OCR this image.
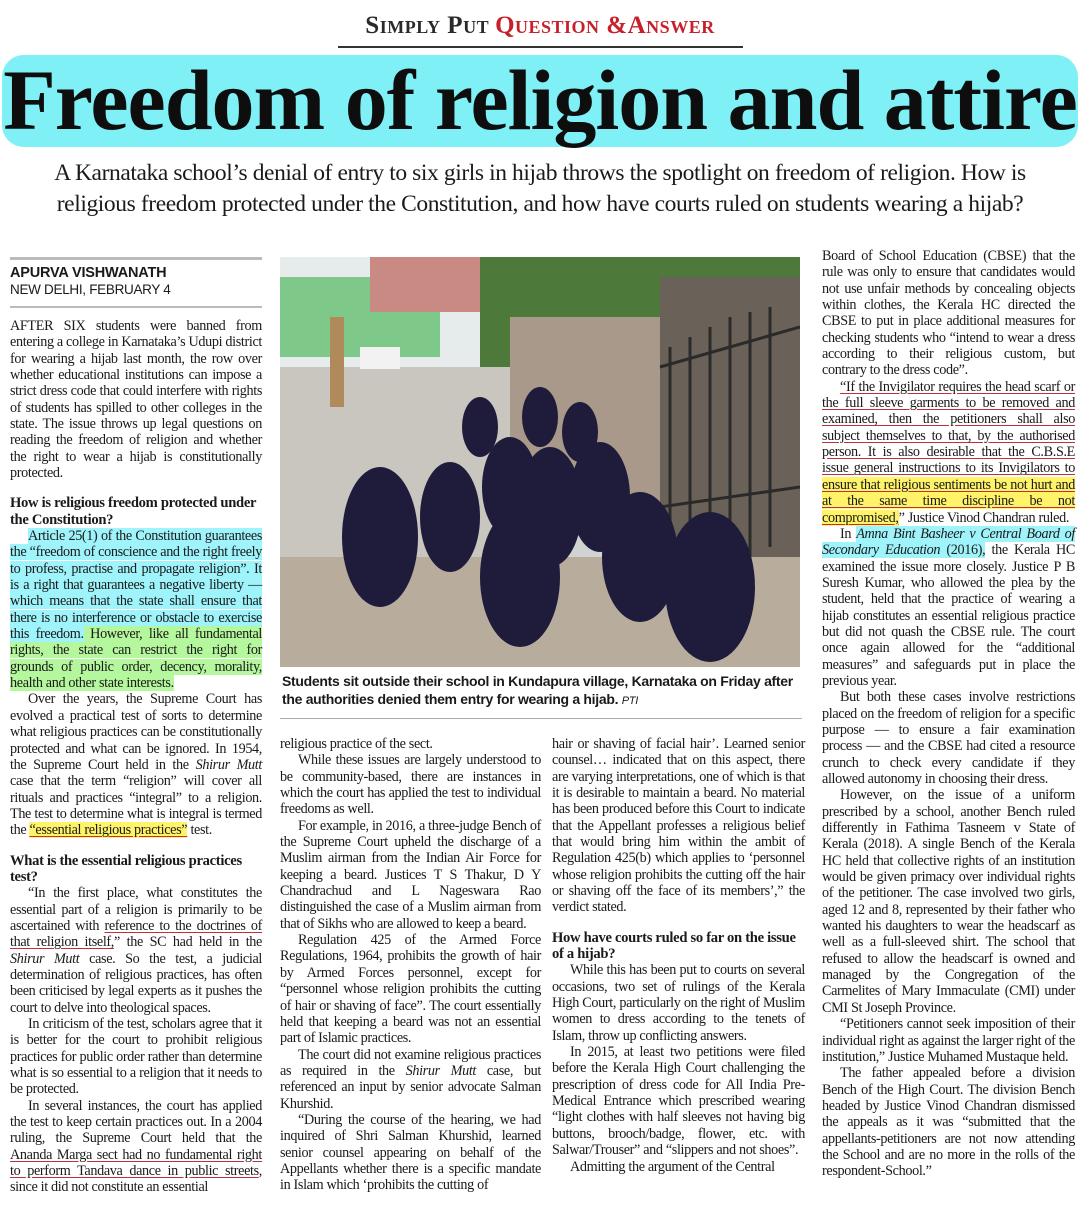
Simply Put Question &Answer
Freedom of religion and attire
A Karnataka school’s denial of entry to six girls in hijab throws the spotlight on freedom of religion. How is religious freedom protected under the Constitution, and how have courts ruled on students wearing a hijab?
APURVA VISHWANATH
NEW DELHI, FEBRUARY 4
Students sit outside their school in Kundapura village, Karnataka on Friday after the authorities denied them entry for wearing a hijab. PTI

AFTER SIX students were banned from entering a college in Karnataka’s Udupi district for wearing a hijab last month, the row over whether educational institutions can impose a strict dress code that could interfere with rights of students has spilled to other colleges in the state. The issue throws up legal questions on reading the freedom of religion and whether the right to wear a hijab is constitutionally protected.

How is religious freedom protected under the Constitution?

Article 25(1) of the Constitution guarantees the “freedom of conscience and the right freely to profess, practise and propagate religion”. It is a right that guarantees a negative liberty — which means that the state shall ensure that there is no interference or obstacle to exercise this freedom. However, like all fundamental rights, the state can restrict the right for grounds of public order, decency, morality, health and other state interests.

Over the years, the Supreme Court has evolved a practical test of sorts to determine what religious practices can be constitutionally protected and what can be ignored. In 1954, the Supreme Court held in the Shirur Mutt case that the term “religion” will cover all rituals and practices “integral” to a religion. The test to determine what is integral is termed the “essential religious practices” test.

What is the essential religious practices test?

“In the first place, what constitutes the essential part of a religion is primarily to be ascertained with reference to the doctrines of that religion itself,” the SC had held in the Shirur Mutt case. So the test, a judicial determination of religious practices, has often been criticised by legal experts as it pushes the court to delve into theological spaces.

In criticism of the test, scholars agree that it is better for the court to prohibit religious practices for public order rather than determine what is so essential to a religion that it needs to be protected.

In several instances, the court has applied the test to keep certain practices out. In a 2004 ruling, the Supreme Court held that the Ananda Marga sect had no fundamental right to perform Tandava dance in public streets, since it did not constitute an essential

religious practice of the sect.

While these issues are largely understood to be community-based, there are instances in which the court has applied the test to individual freedoms as well.

For example, in 2016, a three-judge Bench of the Supreme Court upheld the discharge of a Muslim airman from the Indian Air Force for keeping a beard. Justices T S Thakur, D Y Chandrachud and L Nageswara Rao distinguished the case of a Muslim airman from that of Sikhs who are allowed to keep a beard.

Regulation 425 of the Armed Force Regulations, 1964, prohibits the growth of hair by Armed Forces personnel, except for “personnel whose religion prohibits the cutting of hair or shaving of face”. The court essentially held that keeping a beard was not an essential part of Islamic practices.

The court did not examine religious practices as required in the Shirur Mutt case, but referenced an input by senior advocate Salman Khurshid.

“During the course of the hearing, we had inquired of Shri Salman Khurshid, learned senior counsel appearing on behalf of the Appellants whether there is a specific mandate in Islam which ‘prohibits the cutting of

hair or shaving of facial hair’. Learned senior counsel… indicated that on this aspect, there are varying interpretations, one of which is that it is desirable to maintain a beard. No material has been produced before this Court to indicate that the Appellant professes a religious belief that would bring him within the ambit of Regulation 425(b) which applies to ‘personnel whose religion prohibits the cutting off the hair or shaving off the face of its members’,” the verdict stated.

How have courts ruled so far on the issue of a hijab?

While this has been put to courts on several occasions, two set of rulings of the Kerala High Court, particularly on the right of Muslim women to dress according to the tenets of Islam, throw up conflicting answers.

In 2015, at least two petitions were filed before the Kerala High Court challenging the prescription of dress code for All India Pre-Medical Entrance which prescribed wearing “light clothes with half sleeves not having big buttons, brooch/badge, flower, etc. with Salwar/Trouser” and “slippers and not shoes”.

Admitting the argument of the Central

Board of School Education (CBSE) that the rule was only to ensure that candidates would not use unfair methods by concealing objects within clothes, the Kerala HC directed the CBSE to put in place additional measures for checking students who “intend to wear a dress according to their religious custom, but contrary to the dress code”.

“If the Invigilator requires the head scarf or the full sleeve garments to be removed and examined, then the petitioners shall also subject themselves to that, by the authorised person. It is also desirable that the C.B.S.E issue general instructions to its Invigilators to ensure that religious sentiments be not hurt and at the same time discipline be not compromised,” Justice Vinod Chandran ruled.

In Amna Bint Basheer v Central Board of Secondary Education (2016), the Kerala HC examined the issue more closely. Justice P B Suresh Kumar, who allowed the plea by the student, held that the practice of wearing a hijab constitutes an essential religious practice but did not quash the CBSE rule. The court once again allowed for the “additional measures” and safeguards put in place the previous year.

But both these cases involve restrictions placed on the freedom of religion for a specific purpose — to ensure a fair examination process — and the CBSE had cited a resource crunch to check every candidate if they allowed autonomy in choosing their dress.

However, on the issue of a uniform prescribed by a school, another Bench ruled differently in Fathima Tasneem v State of Kerala (2018). A single Bench of the Kerala HC held that collective rights of an institution would be given primacy over individual rights of the petitioner. The case involved two girls, aged 12 and 8, represented by their father who wanted his daughters to wear the headscarf as well as a full-sleeved shirt. The school that refused to allow the headscarf is owned and managed by the Congregation of the Carmelites of Mary Immaculate (CMI) under CMI St Joseph Province.

“Petitioners cannot seek imposition of their individual right as against the larger right of the institution,” Justice Muhamed Mustaque held.

The father appealed before a division Bench of the High Court. The division Bench headed by Justice Vinod Chandran dismissed the appeals as it was “submitted that the appellants-petitioners are not now attending the School and are no more in the rolls of the respondent-School.”
